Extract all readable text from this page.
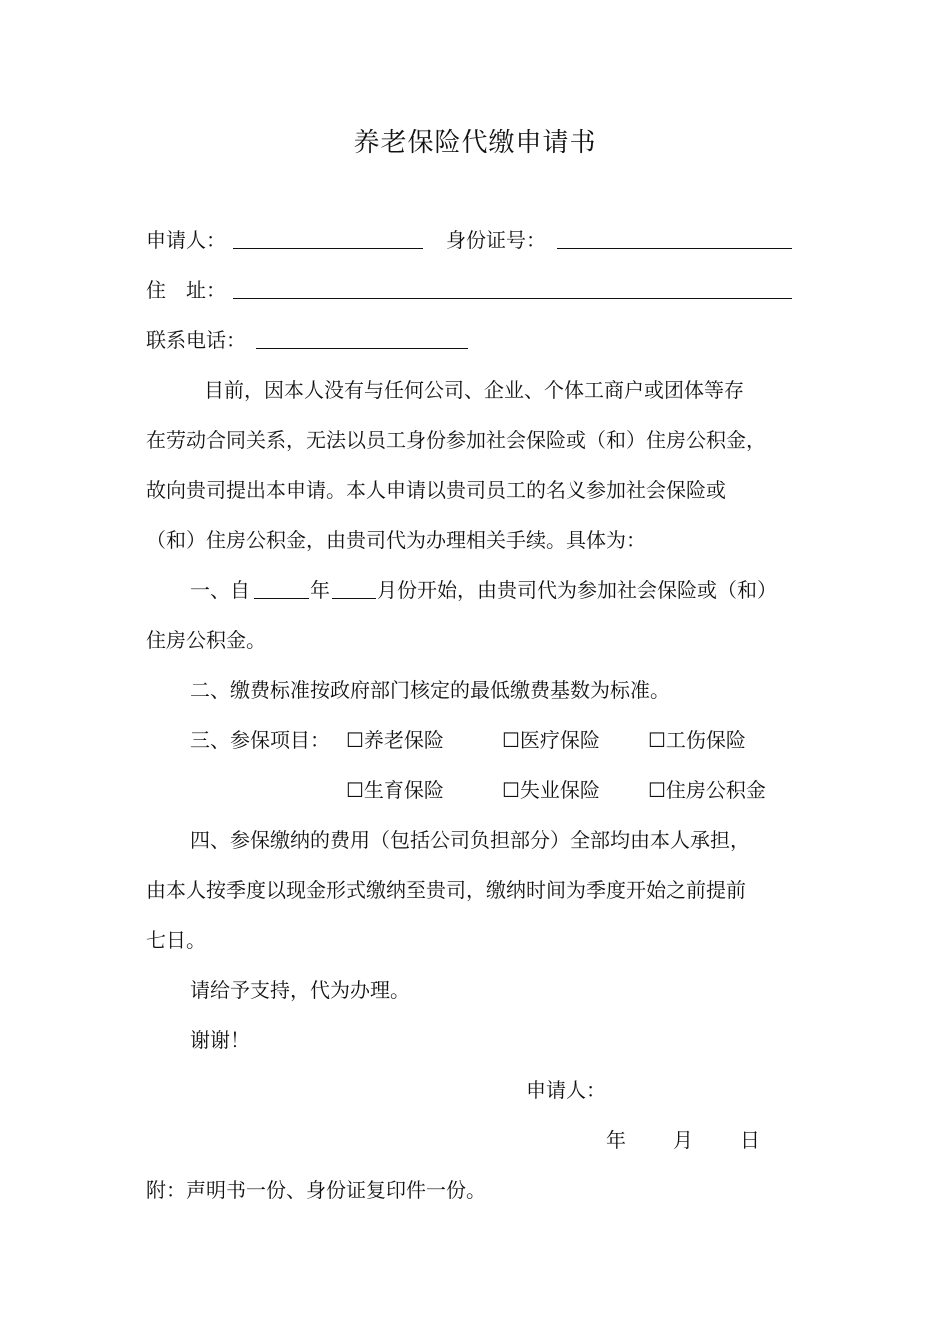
养老保险代缴申请书
申请人：	身份证号：
住　址：
联系电话：
目前，因本人没有与任何公司、企业、个体工商户或团体等存
在劳动合同关系，无法以员工身份参加社会保险或（和）住房公积金，
故向贵司提出本申请。本人申请以贵司员工的名义参加社会保险或
（和）住房公积金，由贵司代为办理相关手续。具体为：
一、自	年 月份开始，由贵司代为参加社会保险或（和）
住房公积金。
二、缴费标准按政府部门核定的最低缴费基数为标准。
三、参保项目： ☐养老保险	☐医疗保险 ☐工伤保险
☐生育保险	☐失业保险 ☐住房公积金
四、参保缴纳的费用（包括公司负担部分）全部均由本人承担，
由本人按季度以现金形式缴纳至贵司，缴纳时间为季度开始之前提前
七日。
请给予支持，代为办理。
谢谢！
申请人：
年 月 日
附：声明书一份、身份证复印件一份。
